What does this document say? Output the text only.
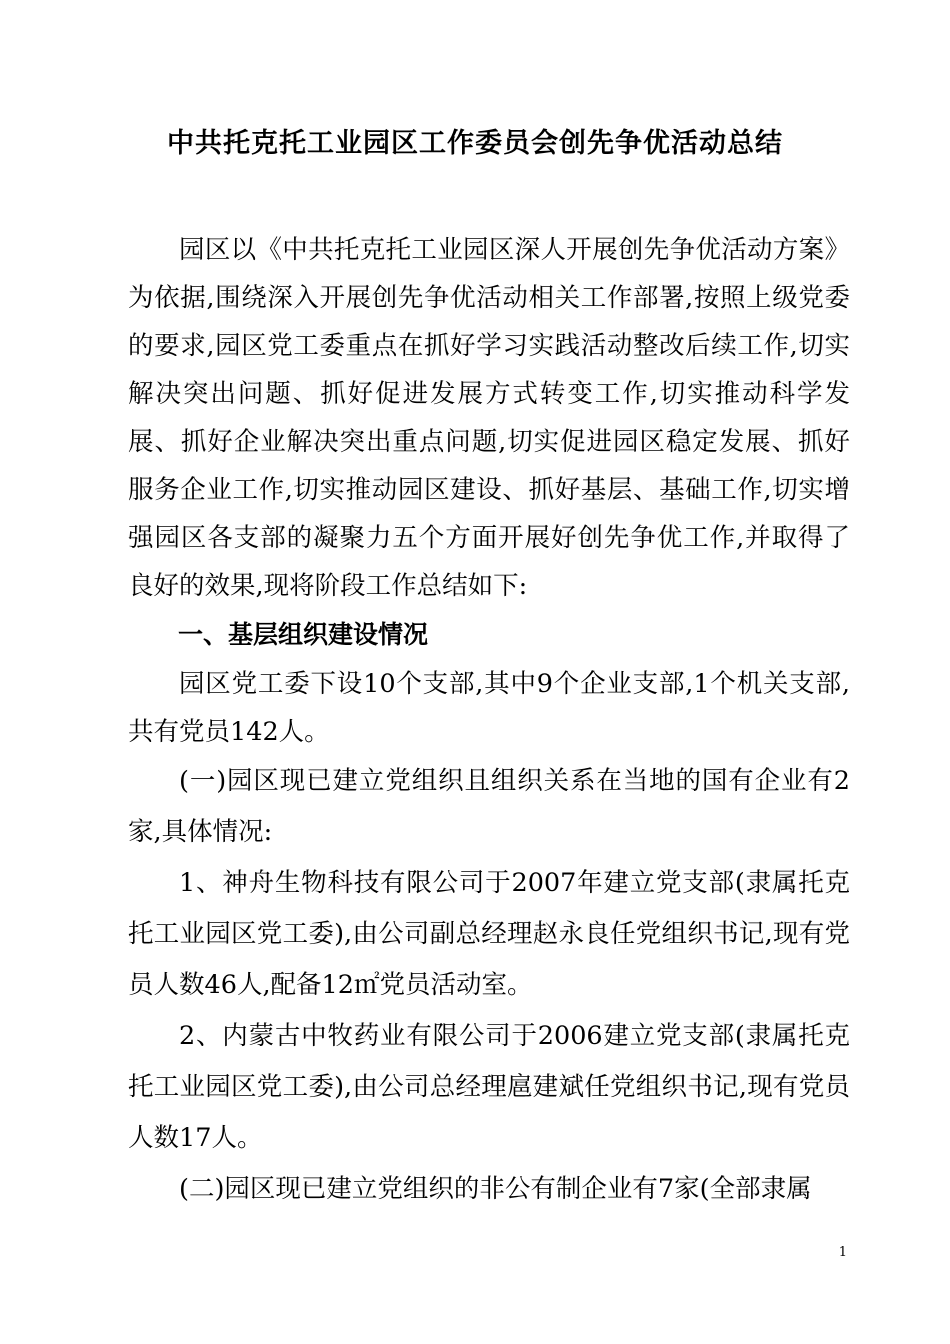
中共托克托工业园区工作委员会创先争优活动总结

园区以《中共托克托工业园区深人开展创先争优活动方案》为依据,围绕深入开展创先争优活动相关工作部署,按照上级党委的要求,园区党工委重点在抓好学习实践活动整改后续工作,切实解决突出问题、抓好促进发展方式转变工作,切实推动科学发展、抓好企业解决突出重点问题,切实促进园区稳定发展、抓好服务企业工作,切实推动园区建设、抓好基层、基础工作,切实增强园区各支部的凝聚力五个方面开展好创先争优工作,并取得了良好的效果,现将阶段工作总结如下:

一、基层组织建设情况

园区党工委下设10个支部,其中9个企业支部,1个机关支部,共有党员142人。

(一)园区现已建立党组织且组织关系在当地的国有企业有2家,具体情况:

1、神舟生物科技有限公司于2007年建立党支部(隶属托克托工业园区党工委),由公司副总经理赵永良任党组织书记,现有党员人数46人,配备12㎡党员活动室。

2、内蒙古中牧药业有限公司于2006建立党支部(隶属托克托工业园区党工委),由公司总经理扈建斌任党组织书记,现有党员人数17人。

(二)园区现已建立党组织的非公有制企业有7家(全部隶属

1
